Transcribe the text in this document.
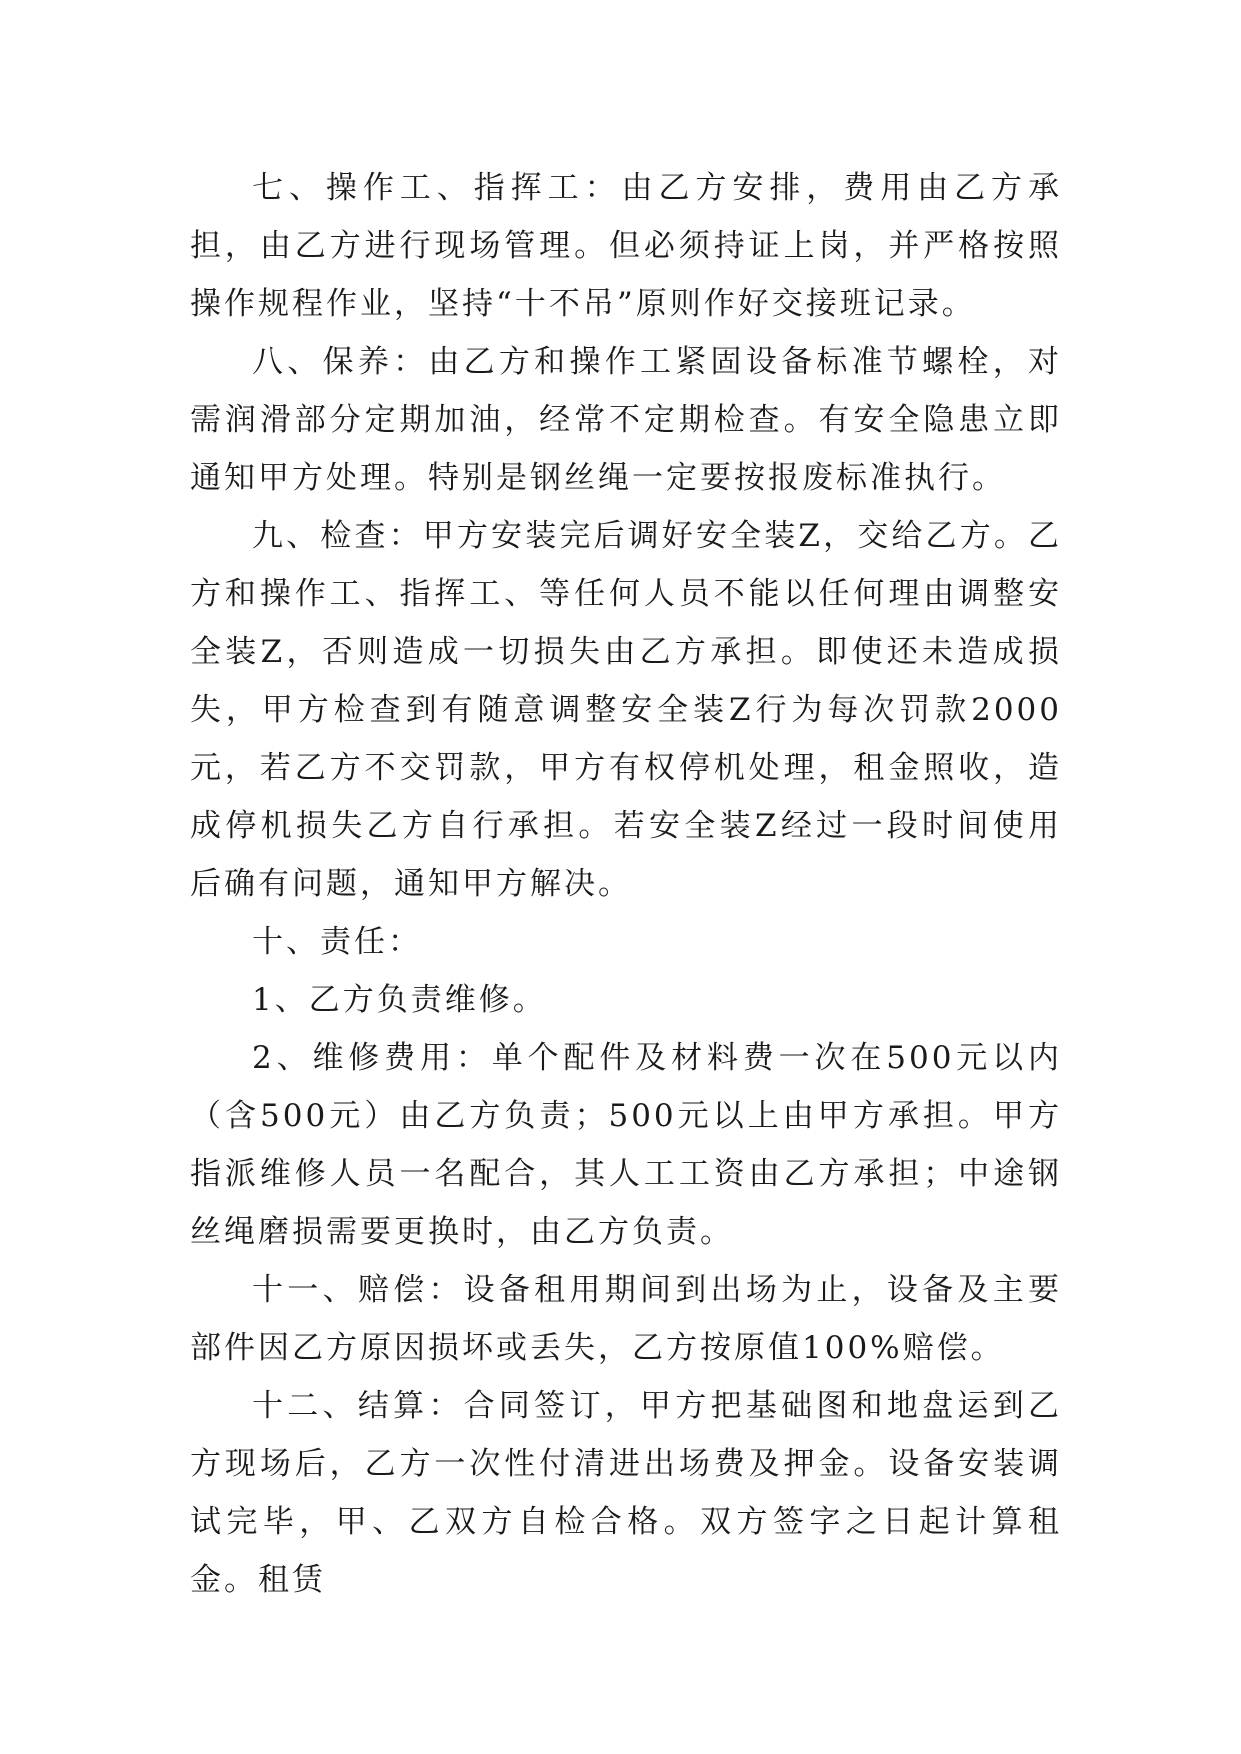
七、操作工、指挥工：由乙方安排，费用由乙方承担，由乙方进行现场管理。但必须持证上岗，并严格按照操作规程作业，坚持“十不吊”原则作好交接班记录。

八、保养：由乙方和操作工紧固设备标准节螺栓，对需润滑部分定期加油，经常不定期检查。有安全隐患立即通知甲方处理。特别是钢丝绳一定要按报废标准执行。

九、检查：甲方安装完后调好安全装Z，交给乙方。乙方和操作工、指挥工、等任何人员不能以任何理由调整安全装Z，否则造成一切损失由乙方承担。即使还未造成损失，甲方检查到有随意调整安全装Z行为每次罚款2000元，若乙方不交罚款，甲方有权停机处理，租金照收，造成停机损失乙方自行承担。若安全装Z经过一段时间使用后确有问题，通知甲方解决。

十、责任：

1、乙方负责维修。

2、维修费用：单个配件及材料费一次在500元以内（含500元）由乙方负责；500元以上由甲方承担。甲方指派维修人员一名配合，其人工工资由乙方承担；中途钢丝绳磨损需要更换时，由乙方负责。

十一、赔偿：设备租用期间到出场为止，设备及主要部件因乙方原因损坏或丢失，乙方按原值100%赔偿。

十二、结算：合同签订，甲方把基础图和地盘运到乙方现场后，乙方一次性付清进出场费及押金。设备安装调试完毕，甲、乙双方自检合格。双方签字之日起计算租金。租赁
